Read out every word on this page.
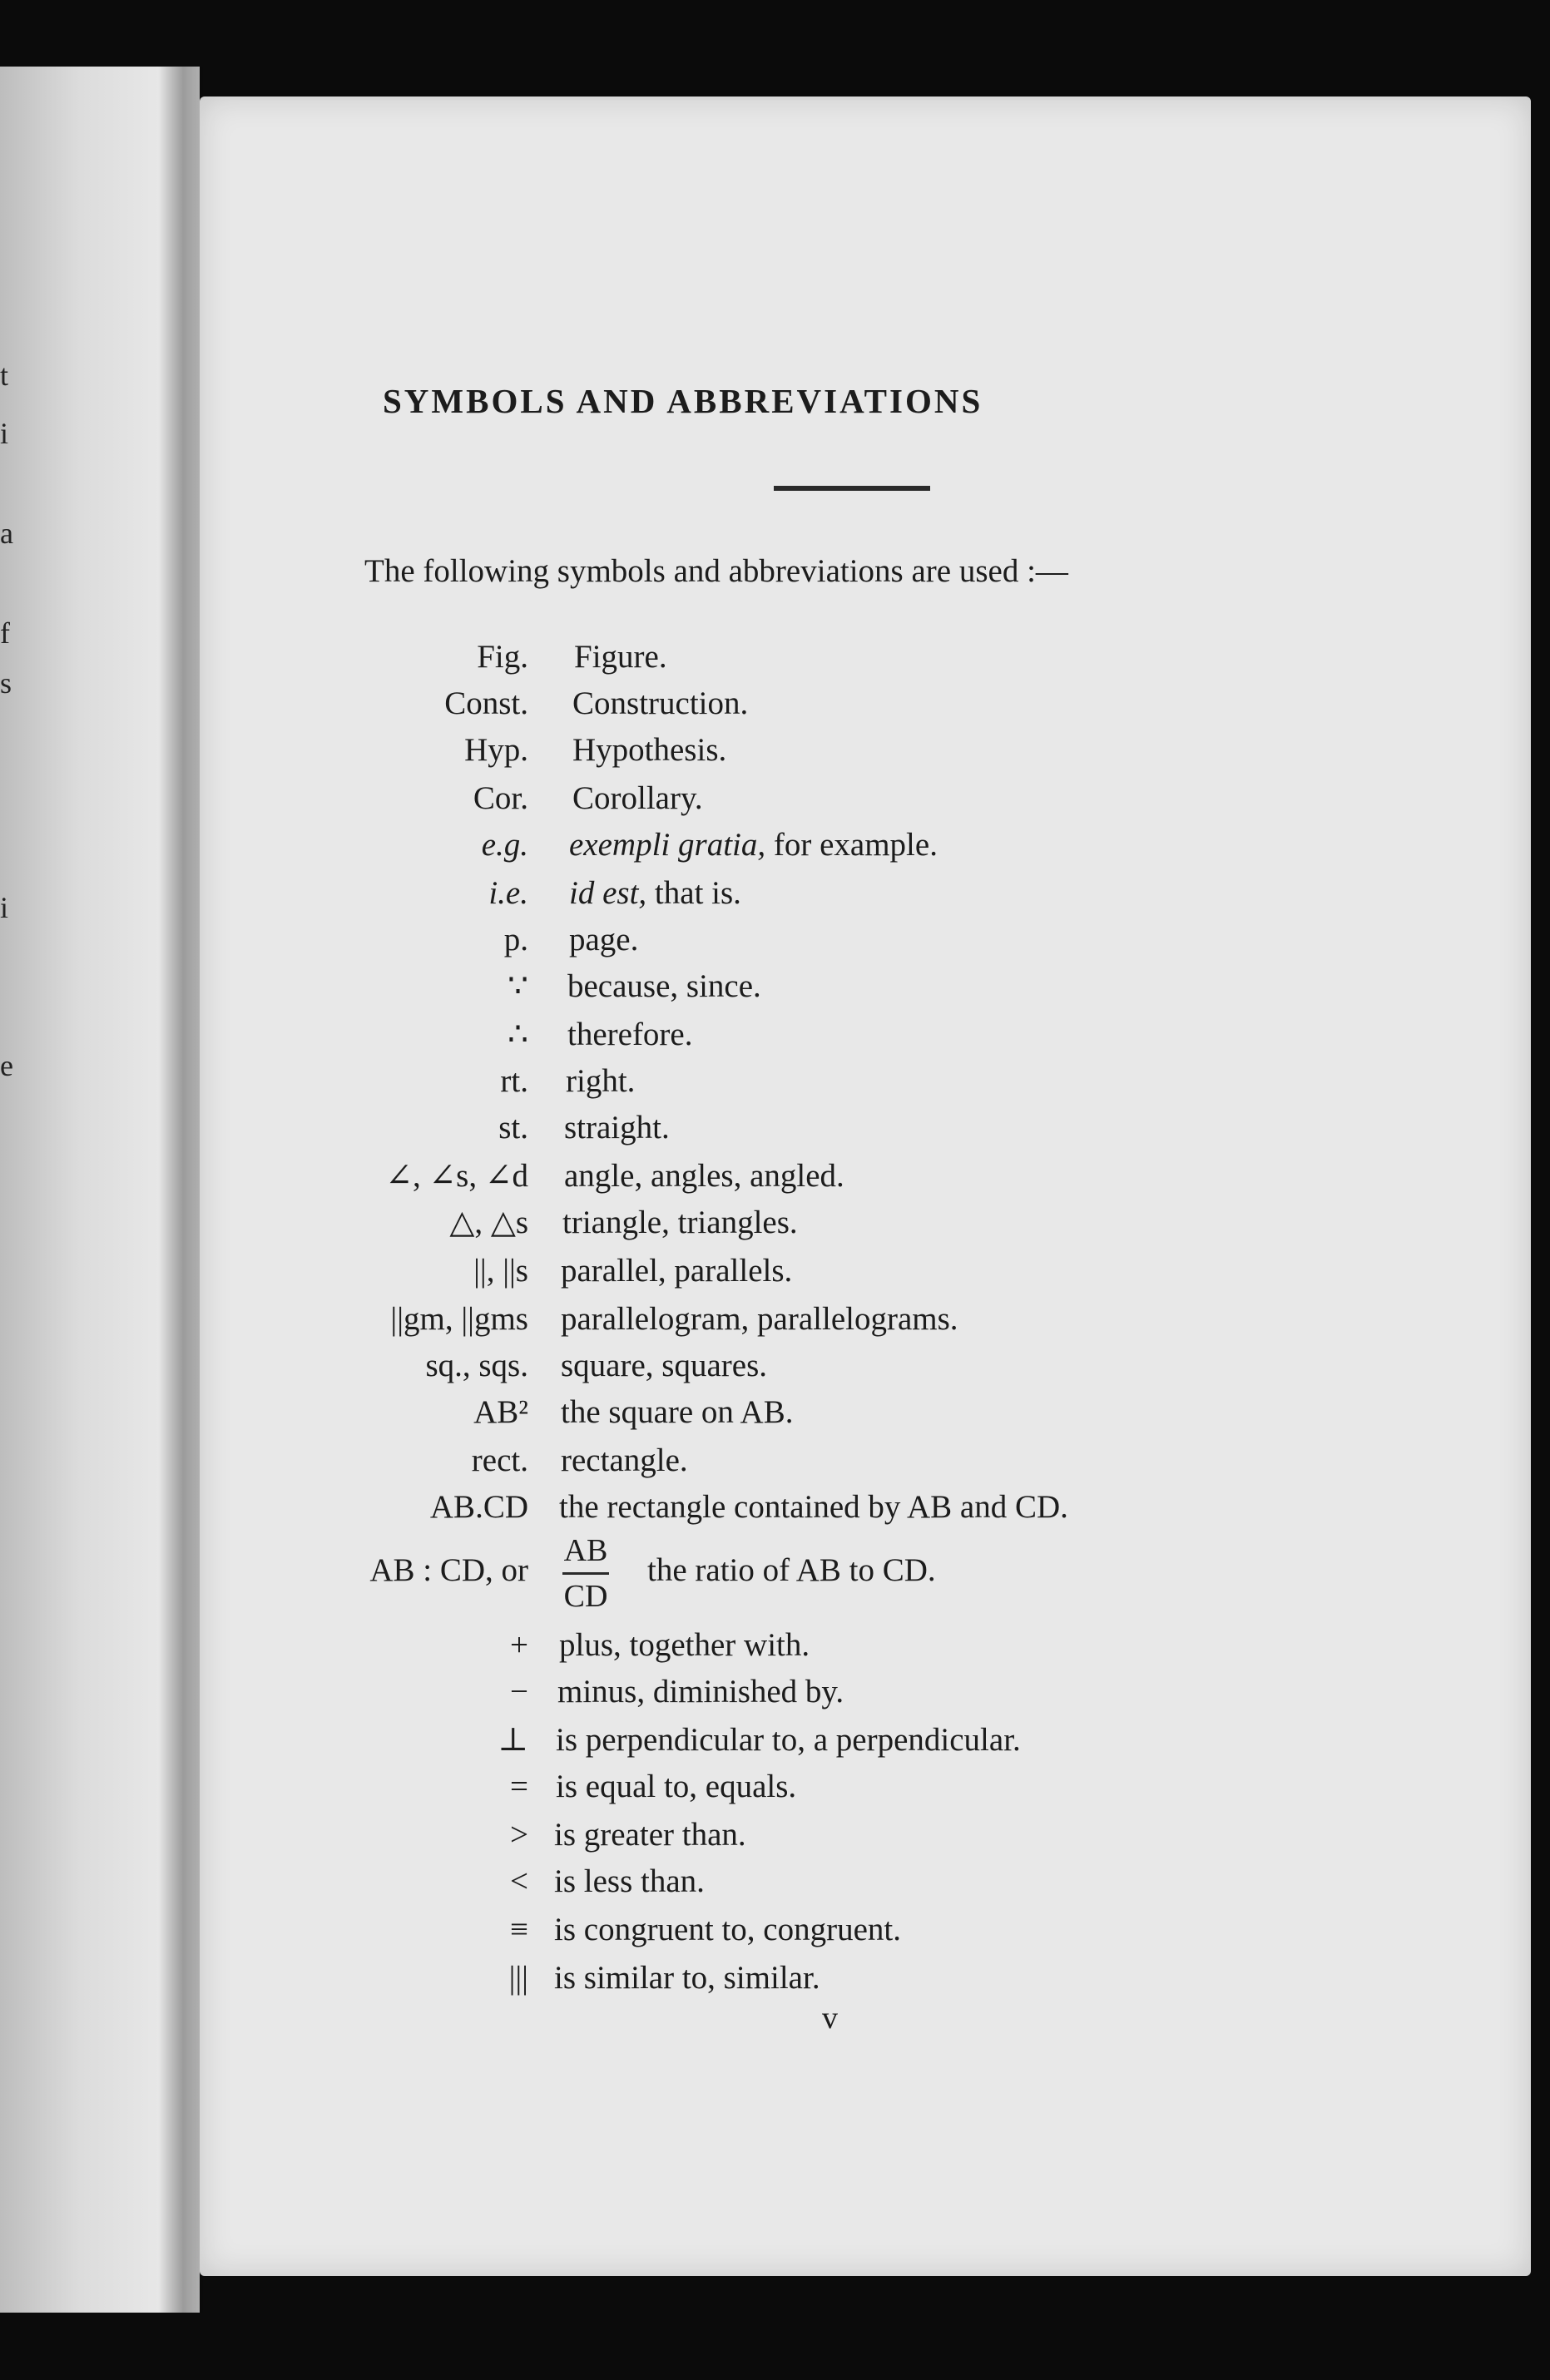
t
i
a
f
s
i
e
SYMBOLS AND ABBREVIATIONS
The following symbols and abbreviations are used :—
Fig. Figure.
Const. Construction.
Hyp. Hypothesis.
Cor. Corollary.
e.g. exempli gratia, for example.
i.e. id est, that is.
p. page.
∵ because, since.
∴ therefore.
rt. right.
st. straight.
∠, ∠s, ∠d angle, angles, angled.
△, △s triangle, triangles.
||, ||s parallel, parallels.
||gm, ||gms parallelogram, parallelograms.
sq., sqs. square, squares.
AB² the square on AB.
rect. rectangle.
AB.CD the rectangle contained by AB and CD.
AB : CD, or	the ratio of AB to CD.
+ plus, together with.
− minus, diminished by.
⊥ is perpendicular to, a perpendicular.
= is equal to, equals.
> is greater than.
< is less than.
≡ is congruent to, congruent.
||| is similar to, similar.
AB
CD
v
